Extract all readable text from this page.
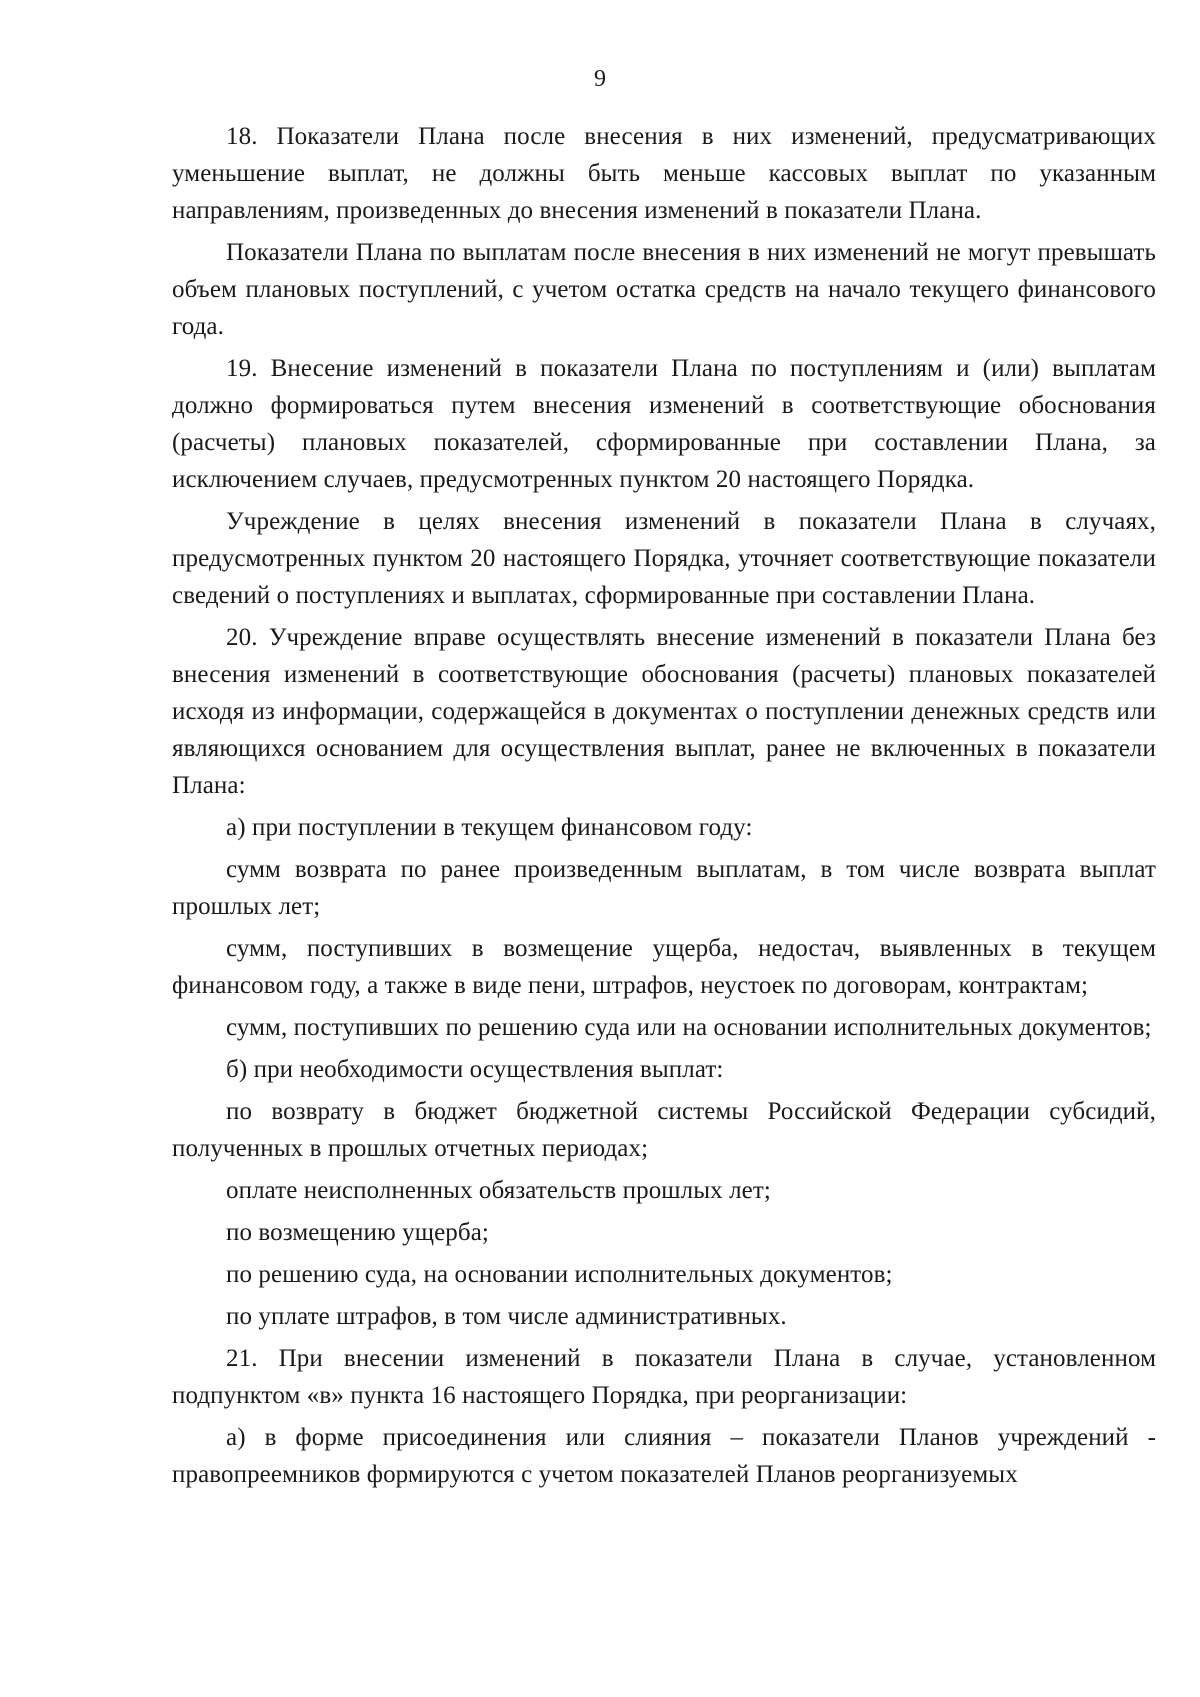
9

18. Показатели Плана после внесения в них изменений, предусматривающих уменьшение выплат, не должны быть меньше кассовых выплат по указанным направлениям, произведенных до внесения изменений в показатели Плана.

Показатели Плана по выплатам после внесения в них изменений не могут превышать объем плановых поступлений, с учетом остатка средств на начало текущего финансового года.

19. Внесение изменений в показатели Плана по поступлениям и (или) выплатам должно формироваться путем внесения изменений в соответствующие обоснования (расчеты) плановых показателей, сформированные при составлении Плана, за исключением случаев, предусмотренных пунктом 20 настоящего Порядка.

Учреждение в целях внесения изменений в показатели Плана в случаях, предусмотренных пунктом 20 настоящего Порядка, уточняет соответствующие показатели сведений о поступлениях и выплатах, сформированные при составлении Плана.

20. Учреждение вправе осуществлять внесение изменений в показатели Плана без внесения изменений в соответствующие обоснования (расчеты) плановых показателей исходя из информации, содержащейся в документах о поступлении денежных средств или являющихся основанием для осуществления выплат, ранее не включенных в показатели Плана:

а) при поступлении в текущем финансовом году:

сумм возврата по ранее произведенным выплатам, в том числе возврата выплат прошлых лет;

сумм, поступивших в возмещение ущерба, недостач, выявленных в текущем финансовом году, а также в виде пени, штрафов, неустоек по договорам, контрактам;

сумм, поступивших по решению суда или на основании исполнительных документов;

б) при необходимости осуществления выплат:

по возврату в бюджет бюджетной системы Российской Федерации субсидий, полученных в прошлых отчетных периодах;

оплате неисполненных обязательств прошлых лет;

по возмещению ущерба;

по решению суда, на основании исполнительных документов;

по уплате штрафов, в том числе административных.

21. При внесении изменений в показатели Плана в случае, установленном подпунктом «в» пункта 16 настоящего Порядка, при реорганизации:

а) в форме присоединения или слияния – показатели Планов учреждений - правопреемников формируются с учетом показателей Планов реорганизуемых
